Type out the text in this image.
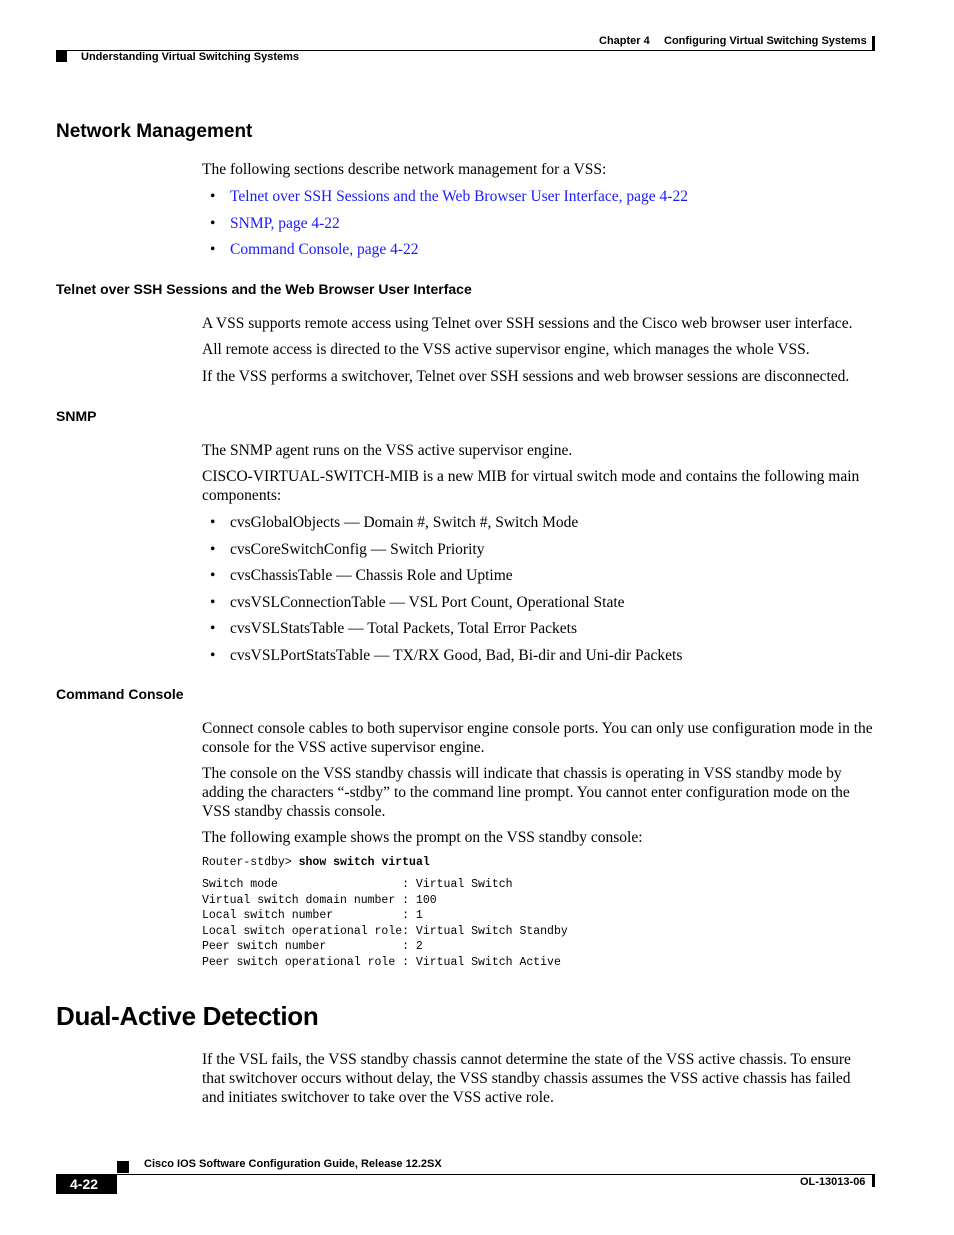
Chapter 4 Configuring Virtual Switching Systems
Understanding Virtual Switching Systems
Network Management

The following sections describe network management for a VSS:

• Telnet over SSH Sessions and the Web Browser User Interface, page 4-22
• SNMP, page 4-22
• Command Console, page 4-22
Telnet over SSH Sessions and the Web Browser User Interface

A VSS supports remote access using Telnet over SSH sessions and the Cisco web browser user interface.

All remote access is directed to the VSS active supervisor engine, which manages the whole VSS.

If the VSS performs a switchover, Telnet over SSH sessions and web browser sessions are disconnected.

SNMP

The SNMP agent runs on the VSS active supervisor engine.

CISCO-VIRTUAL-SWITCH-MIB is a new MIB for virtual switch mode and contains the following main components:

• cvsGlobalObjects — Domain #, Switch #, Switch Mode
• cvsCoreSwitchConfig — Switch Priority
• cvsChassisTable — Chassis Role and Uptime
• cvsVSLConnectionTable — VSL Port Count, Operational State
• cvsVSLStatsTable — Total Packets, Total Error Packets
• cvsVSLPortStatsTable — TX/RX Good, Bad, Bi-dir and Uni-dir Packets
Command Console

Connect console cables to both supervisor engine console ports. You can only use configuration mode in the console for the VSS active supervisor engine.

The console on the VSS standby chassis will indicate that chassis is operating in VSS standby mode by adding the characters “-stdby” to the command line prompt. You cannot enter configuration mode on the VSS standby chassis console.

The following example shows the prompt on the VSS standby console:

Router-stdby> show switch virtual
Switch mode                  : Virtual Switch
Virtual switch domain number : 100
Local switch number          : 1
Local switch operational role: Virtual Switch Standby
Peer switch number           : 2
Peer switch operational role : Virtual Switch Active
Dual-Active Detection

If the VSL fails, the VSS standby chassis cannot determine the state of the VSS active chassis. To ensure that switchover occurs without delay, the VSS standby chassis assumes the VSS active chassis has failed and initiates switchover to take over the VSS active role.

Cisco IOS Software Configuration Guide, Release 12.2SX
4-22	OL-13013-06
